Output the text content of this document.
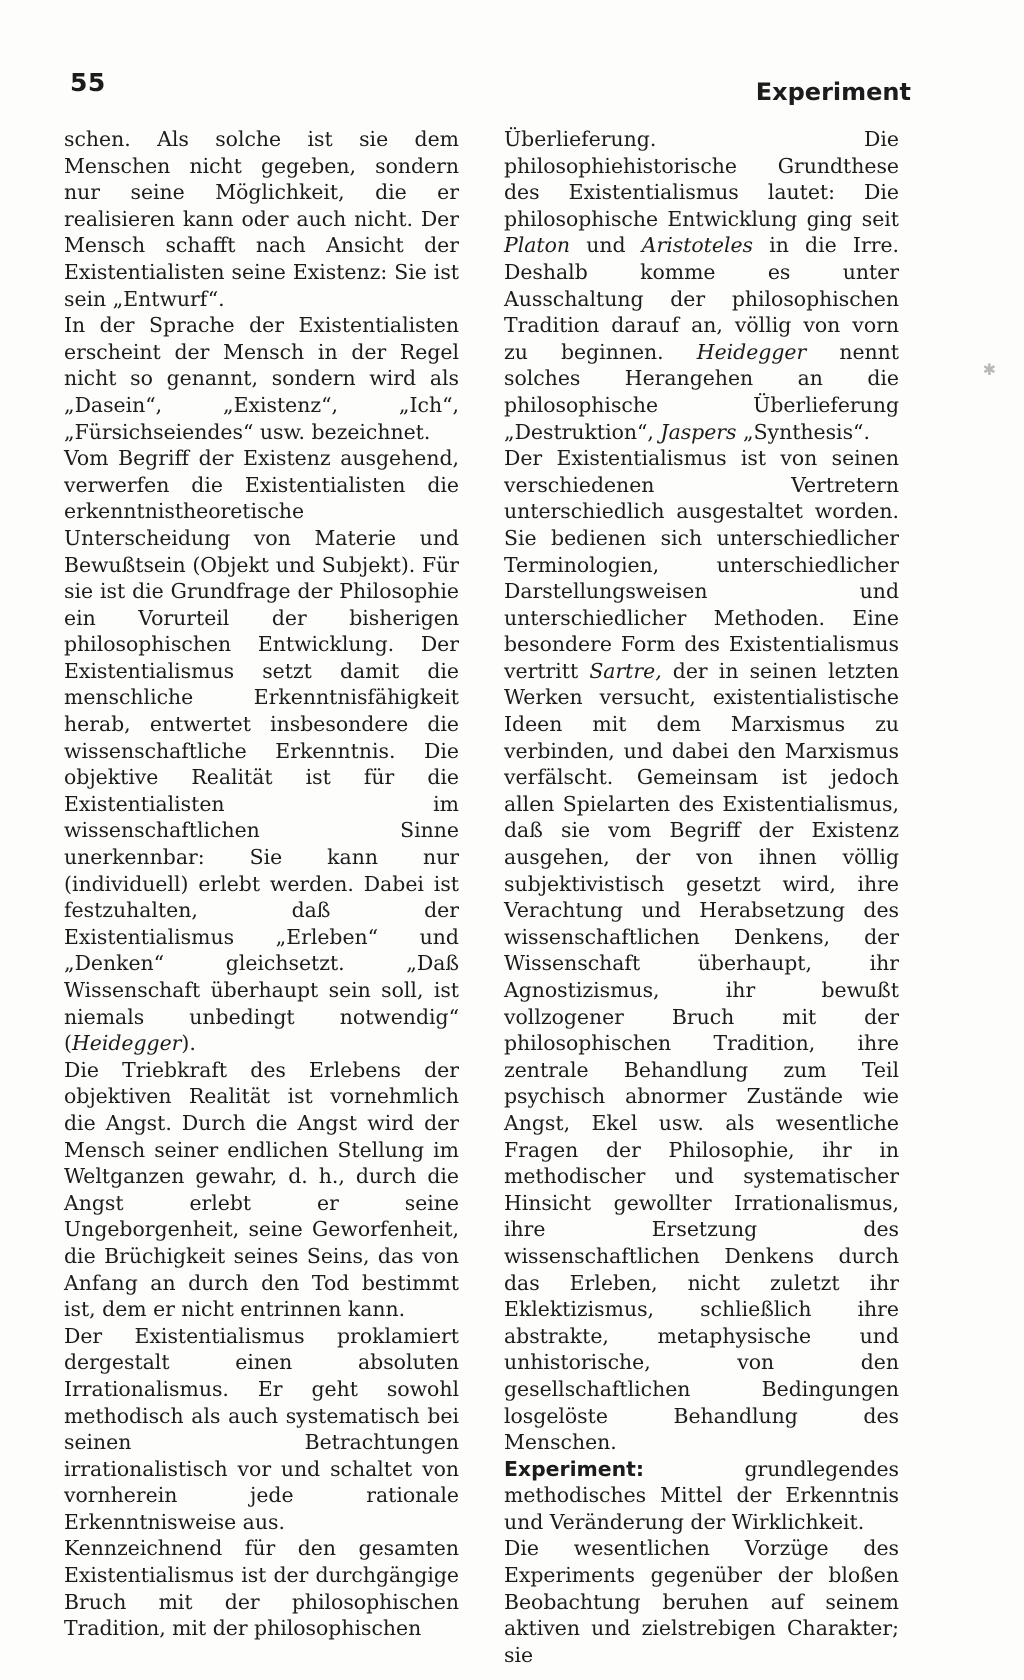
55	Experiment

✱

schen. Als solche ist sie dem Menschen nicht gegeben, sondern nur seine Möglichkeit, die er realisieren kann oder auch nicht. Der Mensch schafft nach Ansicht der Existentialisten seine Existenz: Sie ist sein „Entwurf“.

In der Sprache der Existentialisten erscheint der Mensch in der Regel nicht so genannt, sondern wird als „Dasein“, „Existenz“, „Ich“, „Fürsichseiendes“ usw. bezeichnet.

Vom Begriff der Existenz ausgehend, verwerfen die Existentialisten die erkenntnistheoretische Unterscheidung von Materie und Bewußtsein (Objekt und Subjekt). Für sie ist die Grundfrage der Philosophie ein Vorurteil der bisherigen philosophischen Entwicklung. Der Existentialismus setzt damit die menschliche Erkenntnisfähigkeit herab, entwertet insbesondere die wissenschaftliche Erkenntnis. Die objektive Realität ist für die Existentialisten im wissenschaftlichen Sinne unerkennbar: Sie kann nur (individuell) erlebt werden. Dabei ist festzuhalten, daß der Existentialismus „Erleben“ und „Denken“ gleichsetzt. „Daß Wissenschaft überhaupt sein soll, ist niemals unbedingt notwendig“ (Heidegger).

Die Triebkraft des Erlebens der objektiven Realität ist vornehmlich die Angst. Durch die Angst wird der Mensch seiner endlichen Stellung im Weltganzen gewahr, d. h., durch die Angst erlebt er seine Ungeborgenheit, seine Geworfenheit, die Brüchigkeit seines Seins, das von Anfang an durch den Tod bestimmt ist, dem er nicht entrinnen kann.

Der Existentialismus proklamiert dergestalt einen absoluten Irrationalismus. Er geht sowohl methodisch als auch systematisch bei seinen Betrachtungen irrationalistisch vor und schaltet von vornherein jede rationale Erkenntnisweise aus.

Kennzeichnend für den gesamten Existentialismus ist der durchgängige Bruch mit der philosophischen Tradition, mit der philosophischen

Überlieferung. Die philosophiehistorische Grundthese des Existentialismus lautet: Die philosophische Entwicklung ging seit Platon und Aristoteles in die Irre. Deshalb komme es unter Ausschaltung der philosophischen Tradition darauf an, völlig von vorn zu beginnen. Heidegger nennt solches Herangehen an die philosophische Überlieferung „Destruktion“, Jaspers „Synthesis“.

Der Existentialismus ist von seinen verschiedenen Vertretern unterschiedlich ausgestaltet worden. Sie bedienen sich unterschiedlicher Terminologien, unterschiedlicher Darstellungsweisen und unterschiedlicher Methoden. Eine besondere Form des Existentialismus vertritt Sartre, der in seinen letzten Werken versucht, existentialistische Ideen mit dem Marxismus zu verbinden, und dabei den Marxismus verfälscht. Gemeinsam ist jedoch allen Spielarten des Existentialismus, daß sie vom Begriff der Existenz ausgehen, der von ihnen völlig subjektivistisch gesetzt wird, ihre Verachtung und Herabsetzung des wissenschaftlichen Denkens, der Wissenschaft überhaupt, ihr Agnostizismus, ihr bewußt vollzogener Bruch mit der philosophischen Tradition, ihre zentrale Behandlung zum Teil psychisch abnormer Zustände wie Angst, Ekel usw. als wesentliche Fragen der Philosophie, ihr in methodischer und systematischer Hinsicht gewollter Irrationalismus, ihre Ersetzung des wissenschaftlichen Denkens durch das Erleben, nicht zuletzt ihr Eklektizismus, schließlich ihre abstrakte, metaphysische und unhistorische, von den gesellschaftlichen Bedingungen losgelöste Behandlung des Menschen.

Experiment: grundlegendes methodisches Mittel der Erkenntnis und Veränderung der Wirklichkeit.

Die wesentlichen Vorzüge des Experiments gegenüber der bloßen Beobachtung beruhen auf seinem aktiven und zielstrebigen Charakter; sie
